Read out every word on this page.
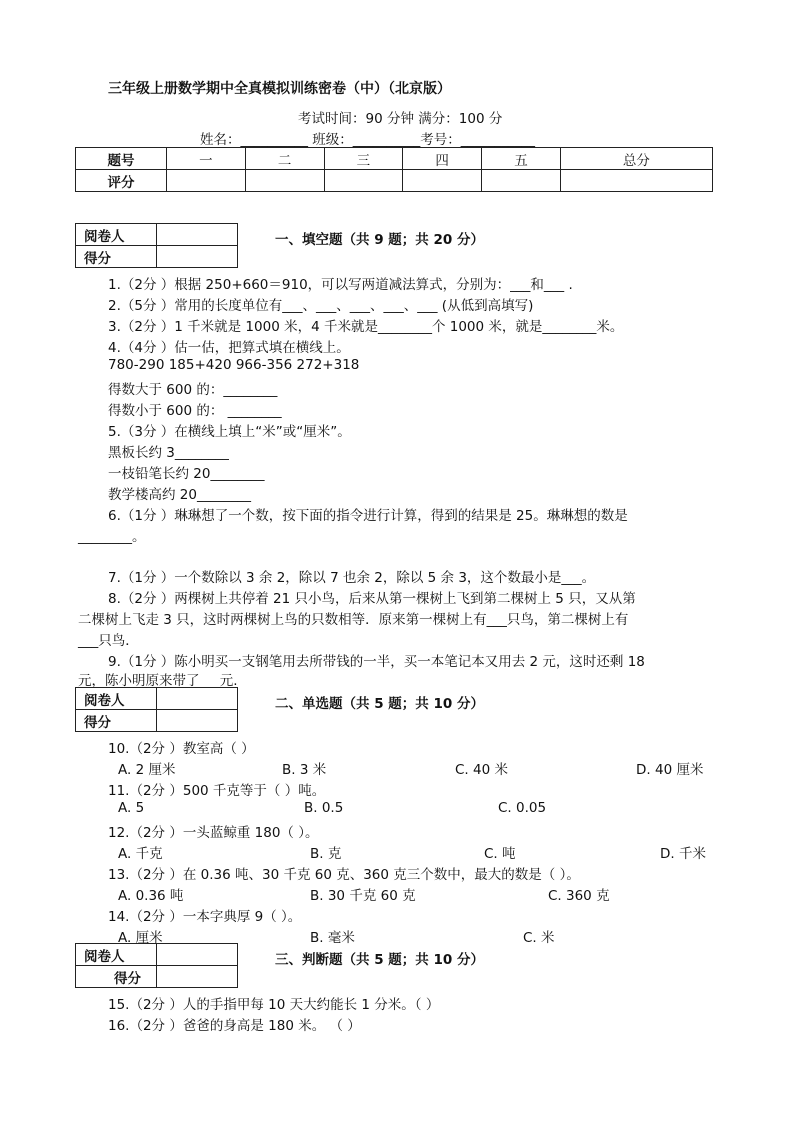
三年级上册数学期中全真模拟训练密卷（中）（北京版）
考试时间：90 分钟 满分：100 分
姓名：__________ 班级：__________考号：___________
题号	一	二	三	四	五	总分
评分						
阅卷人	
得分	
一、填空题（共 9 题；共 20 分）
1.（2分 ）根据 250+660＝910，可以写两道减法算式，分别为：___和___ .
2.（5分 ）常用的长度单位有___、___、___、___、___ (从低到高填写)
3.（2分 ）1 千米就是 1000 米，4 千米就是________个 1000 米，就是________米。
4.（4分 ）估一估，把算式填在横线上。
780-290 185+420 966-356 272+318
得数大于 600 的：________
得数小于 600 的： ________
5.（3分 ）在横线上填上“米”或“厘米”。
黑板长约 3________
一枝铅笔长约 20________
教学楼高约 20________
6.（1分 ）琳琳想了一个数，按下面的指令进行计算，得到的结果是 25。琳琳想的数是
________。
7.（1分 ）一个数除以 3 余 2，除以 7 也余 2，除以 5 余 3，这个数最小是___。
8.（2分 ）两棵树上共停着 21 只小鸟，后来从第一棵树上飞到第二棵树上 5 只，又从第
二棵树上飞走 3 只，这时两棵树上鸟的只数相等．原来第一棵树上有___只鸟，第二棵树上有
___只鸟．
9.（1分 ）陈小明买一支钢笔用去所带钱的一半，买一本笔记本又用去 2 元，这时还剩 18
元，陈小明原来带了___元.
阅卷人	
得分	
二、单选题（共 5 题；共 10 分）
10.（2分 ）教室高（ ）
A. 2 厘米	B. 3 米	C. 40 米	D. 40 厘米
11.（2分 ）500 千克等于（ ）吨。
A. 5	B. 0.5	C. 0.05
12.（2分 ）一头蓝鲸重 180（ ）。
A. 千克	B. 克	C. 吨	D. 千米
13.（2分 ）在 0.36 吨、30 千克 60 克、360 克三个数中，最大的数是（ ）。
A. 0.36 吨	B. 30 千克 60 克	C. 360 克
14.（2分 ）一本字典厚 9（ ）。
A. 厘米	B. 毫米	C. 米
阅卷人	
得分	
三、判断题（共 5 题；共 10 分）
15.（2分 ）人的手指甲每 10 天大约能长 1 分米。（ ）
16.（2分 ）爸爸的身高是 180 米。 （ ）
